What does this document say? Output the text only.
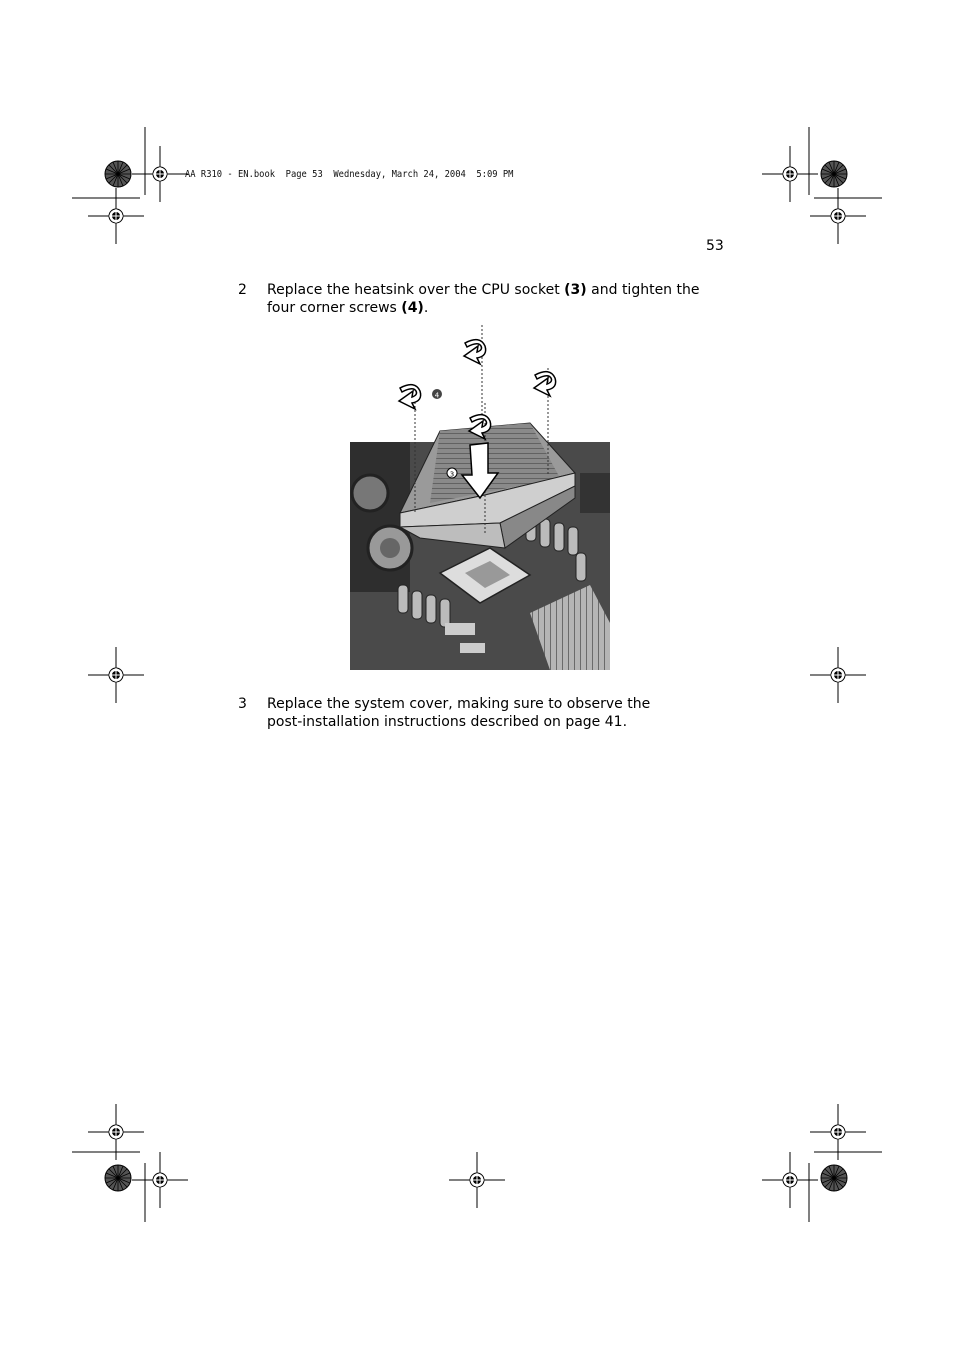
AA R310 - EN.book  Page 53  Wednesday, March 24, 2004  5:09 PM
53
2 Replace the heatsink over the CPU socket (3) and tighten the four corner screws (4).
4
3
3 Replace the system cover, making sure to observe the post-installation instructions described on page 41.
